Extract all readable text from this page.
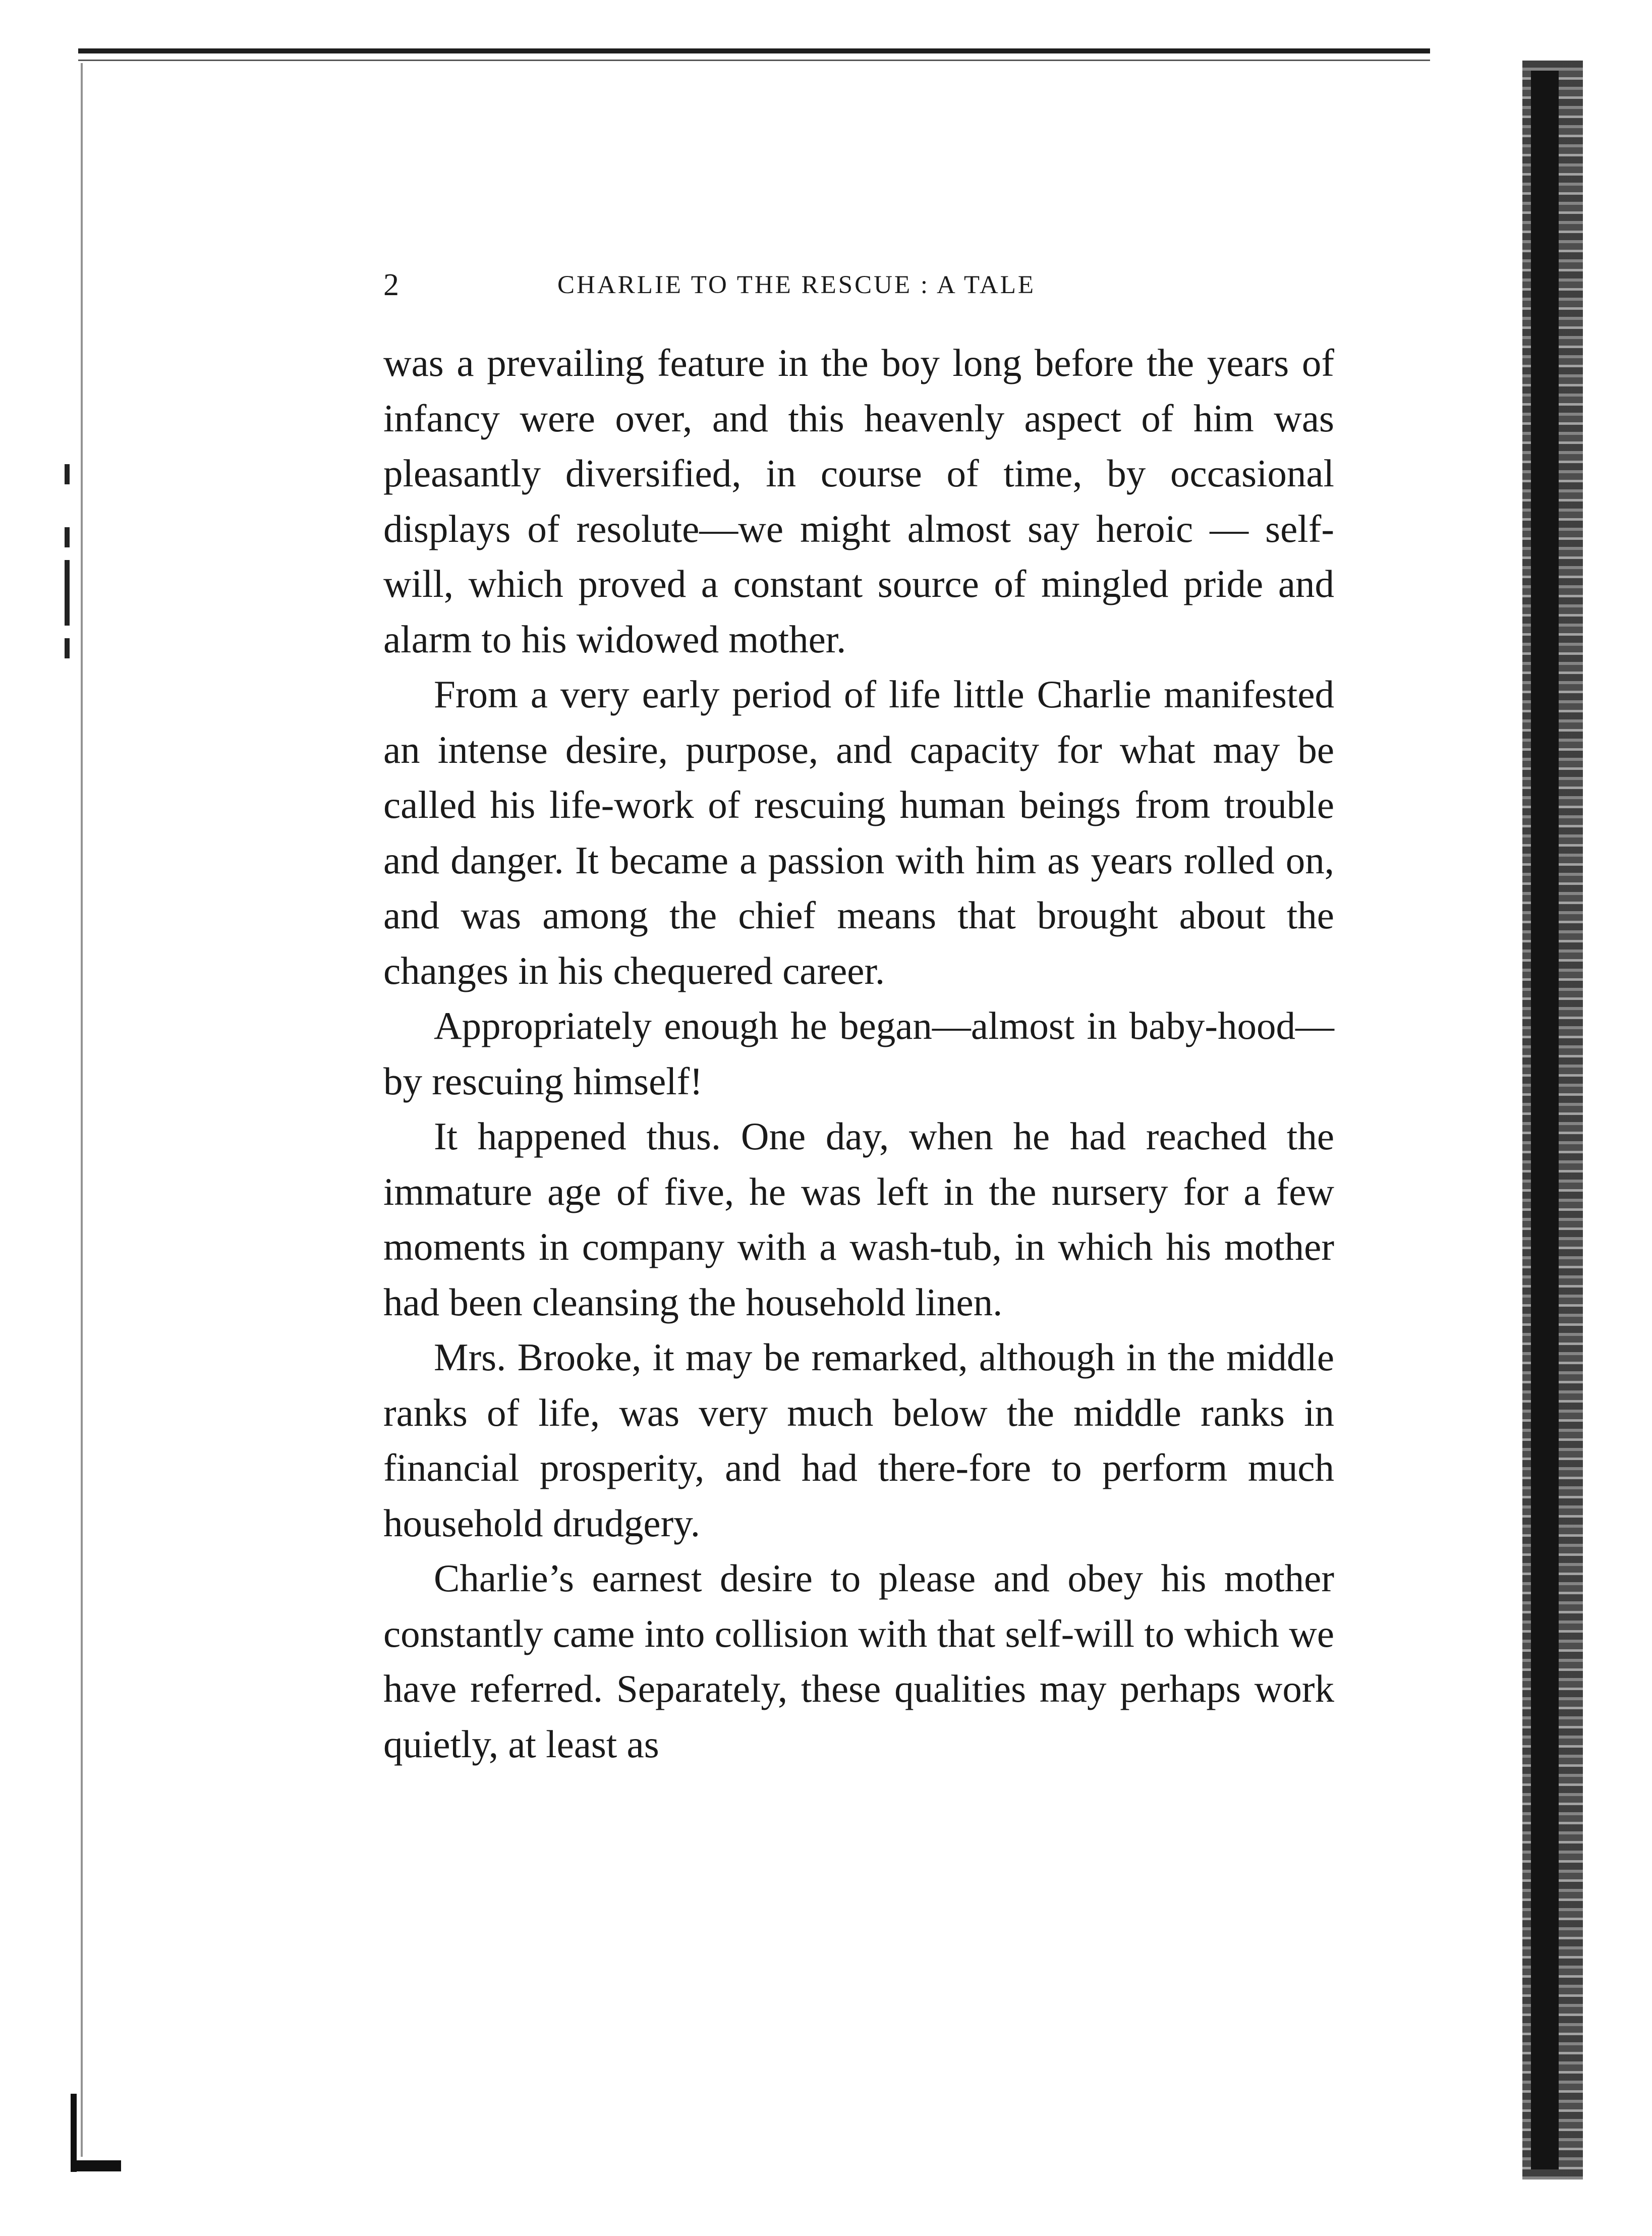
2	CHARLIE TO THE RESCUE : A TALE

was a prevailing feature in the boy long before the years of infancy were over, and this heavenly aspect of him was pleasantly diversified, in course of time, by occasional displays of resolute—we might almost say heroic — self-will, which proved a constant source of mingled pride and alarm to his widowed mother.

From a very early period of life little Charlie manifested an intense desire, purpose, and capacity for what may be called his life-work of rescuing human beings from trouble and danger. It became a passion with him as years rolled on, and was among the chief means that brought about the changes in his chequered career.

Appropriately enough he began—almost in baby-hood—by rescuing himself!

It happened thus. One day, when he had reached the immature age of five, he was left in the nursery for a few moments in company with a wash-tub, in which his mother had been cleansing the household linen.

Mrs. Brooke, it may be remarked, although in the middle ranks of life, was very much below the middle ranks in financial prosperity, and had there-fore to perform much household drudgery.

Charlie’s earnest desire to please and obey his mother constantly came into collision with that self-will to which we have referred. Separately, these qualities may perhaps work quietly, at least as
